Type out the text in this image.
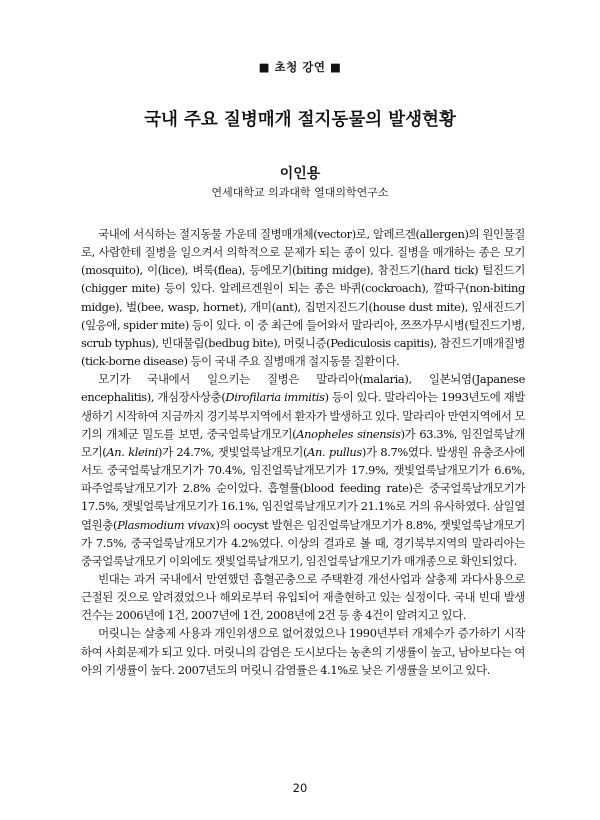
■ 초청 강연 ■
국내 주요 질병매개 절지동물의 발생현황
이인용
연세대학교 의과대학 열대의학연구소

국내에 서식하는 절지동물 가운데 질병매개체(vector)로, 알레르겐(allergen)의 원인물질로, 사람한테 질병을 일으켜서 의학적으로 문제가 되는 종이 있다. 질병을 매개하는 종은 모기(mosquito), 이(lice), 벼룩(flea), 등에모기(biting midge), 참진드기(hard tick) 털진드기(chigger mite) 등이 있다. 알레르겐원이 되는 종은 바퀴(cockroach), 깔따구(non-biting midge), 벌(bee, wasp, hornet), 개미(ant), 집먼지진드기(house dust mite), 잎새진드기(잎응애, spider mite) 등이 있다. 이 중 최근에 들어와서 말라리아, 쯔쯔가무시병(털진드기병, scrub typhus), 빈대물림(bedbug bite), 머릿니증(Pediculosis capitis), 참진드기매개질병(tick-borne disease) 등이 국내 주요 질병매개 절지동물 질환이다.

모기가 국내에서 일으키는 질병은 말라리아(malaria), 일본뇌염(Japanese encephalitis), 개심장사상충(Dirofilaria immitis) 등이 있다. 말라리아는 1993년도에 재발생하기 시작하여 지금까지 경기북부지역에서 환자가 발생하고 있다. 말라리아 만연지역에서 모기의 개체군 밀도를 보면, 중국얼룩날개모기(Anopheles sinensis)가 63.3%, 임진얼룩날개모기(An. kleini)가 24.7%, 잿빛얼룩날개모기(An. pullus)가 8.7%였다. 발생원 유충조사에서도 중국얼룩날개모기가 70.4%, 임진얼룩날개모기가 17.9%, 잿빛얼룩날개모기가 6.6%, 파주얼룩날개모기가 2.8% 순이었다. 흡혈률(blood feeding rate)은 중국얼룩날개모기가 17.5%, 잿빛얼룩날개모기가 16.1%, 임진얼룩날개모기가 21.1%로 거의 유사하였다. 삼일열열원충(Plasmodium vivax)의 oocyst 발현은 임진얼룩날개모기가 8.8%, 잿빛얼룩날개모기가 7.5%, 중국얼룩날개모기가 4.2%였다. 이상의 결과로 볼 때, 경기북부지역의 말라리아는 중국얼룩날개모기 이외에도 잿빛얼룩날개모기, 임진얼룩날개모기가 매개종으로 확인되었다.

빈대는 과거 국내에서 만연했던 흡혈곤충으로 주택환경 개선사업과 살충제 과다사용으로 근절된 것으로 알려졌었으나 해외로부터 유입되어 재출현하고 있는 실정이다. 국내 빈대 발생 건수는 2006년에 1건, 2007년에 1건, 2008년에 2건 등 총 4건이 알려지고 있다.

머릿니는 살충제 사용과 개인위생으로 없어졌었으나 1990년부터 개체수가 증가하기 시작하여 사회문제가 되고 있다. 머릿니의 감염은 도시보다는 농촌의 기생률이 높고, 남아보다는 여아의 기생률이 높다. 2007년도의 머릿니 감염률은 4.1%로 낮은 기생률을 보이고 있다.

20
